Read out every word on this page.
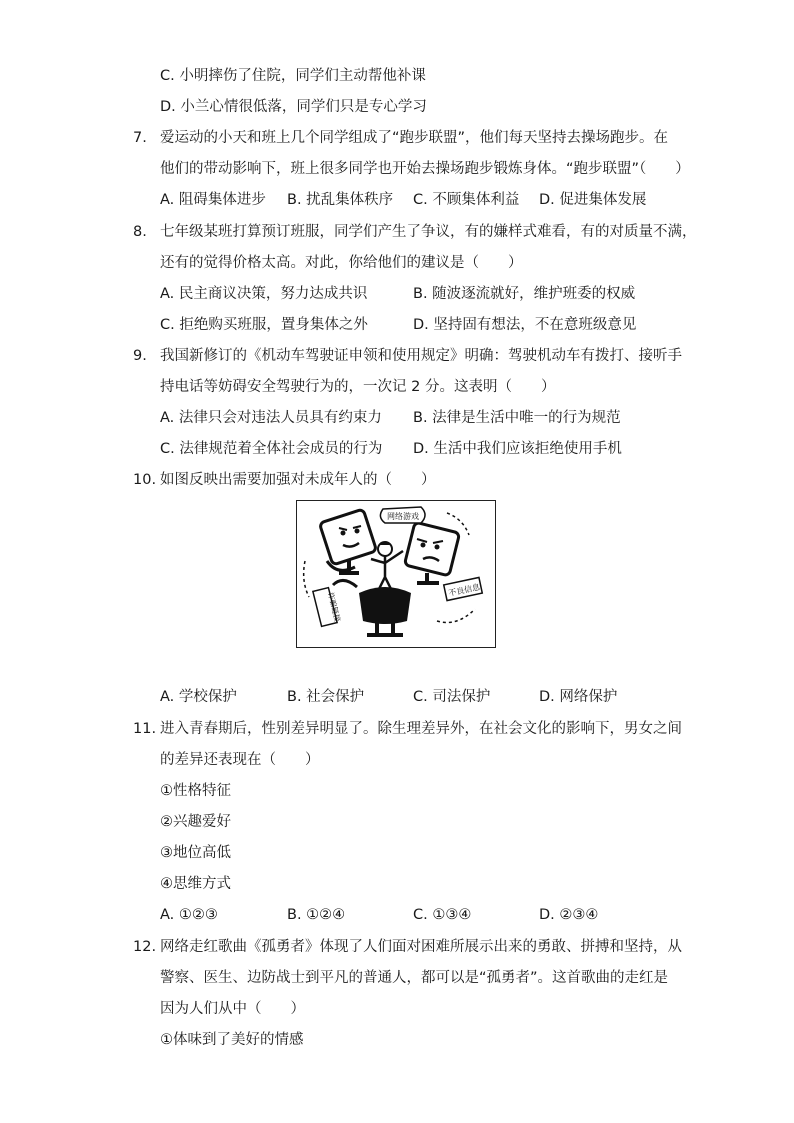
C. 小明摔伤了住院，同学们主动帮他补课
D. 小兰心情很低落，同学们只是专心学习
7. 爱运动的小天和班上几个同学组成了“跑步联盟”，他们每天坚持去操场跑步。在
他们的带动影响下，班上很多同学也开始去操场跑步锻炼身体。“跑步联盟”（　　）
A. 阻碍集体进步 B. 扰乱集体秩序 C. 不顾集体利益 D. 促进集体发展
8. 七年级某班打算预订班服，同学们产生了争议，有的嫌样式难看，有的对质量不满，
还有的觉得价格太高。对此，你给他们的建议是（　　）
A. 民主商议决策，努力达成共识	B. 随波逐流就好，维护班委的权威
C. 拒绝购买班服，置身集体之外	D. 坚持固有想法，不在意班级意见
9. 我国新修订的《机动车驾驶证申领和使用规定》明确：驾驶机动车有拨打、接听手
持电话等妨碍安全驾驶行为的，一次记 2 分。这表明（　　）
A. 法律只会对违法人员具有约束力 B. 法律是生活中唯一的行为规范
C. 法律规范着全体社会成员的行为 D. 生活中我们应该拒绝使用手机
10. 如图反映出需要加强对未成年人的（　　）
网络游戏
不良信息
诈骗链接
A. 学校保护	B. 社会保护	C. 司法保护	D. 网络保护
11. 进入青春期后，性别差异明显了。除生理差异外，在社会文化的影响下，男女之间
的差异还表现在（　　）
①性格特征
②兴趣爱好
③地位高低
④思维方式
A. ①②③	B. ①②④	C. ①③④	D. ②③④
12. 网络走红歌曲《孤勇者》体现了人们面对困难所展示出来的勇敢、拼搏和坚持，从
警察、医生、边防战士到平凡的普通人，都可以是“孤勇者”。这首歌曲的走红是
因为人们从中（　　）
①体味到了美好的情感
